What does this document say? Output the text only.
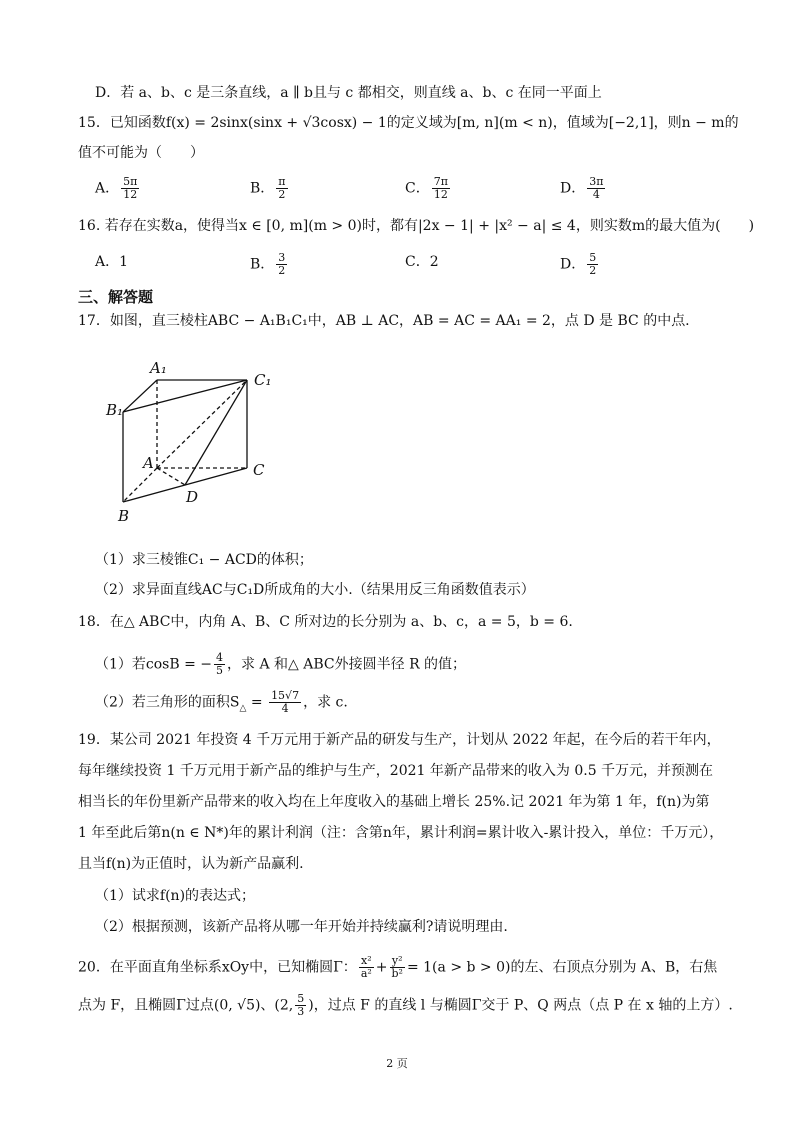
D．若 a、b、c 是三条直线，a ∥ b且与 c 都相交，则直线 a、b、c 在同一平面上
15．已知函数f(x) = 2sinx(sinx + √3cosx) − 1的定义域为[m, n](m < n)，值域为[−2,1]，则n − m的
值不可能为（　　）
A． $\frac{5\pi}{12}$	B． $\frac{\pi}{2}$	C． $\frac{7\pi}{12}$	D． $\frac{3\pi}{4}$
16. 若存在实数a，使得当x ∈ [0, m](m > 0)时，都有|2x − 1| + |x² − a| ≤ 4，则实数m的最大值为(　　)
A．1	B． $\frac{3}{2}$	C．2	D． $\frac{5}{2}$
三、解答题
17．如图，直三棱柱ABC − A₁B₁C₁中，AB ⊥ AC，AB = AC = AA₁ = 2，点 D 是 BC 的中点.
A₁
C₁
B₁
A	C
D
B
（1）求三棱锥C₁ − ACD的体积；
（2）求异面直线AC与C₁D所成角的大小.（结果用反三角函数值表示）
18．在△ ABC中，内角 A、B、C 所对边的长分别为 a、b、c，a = 5，b = 6.
（1）若cosB = − $\frac{4}{5}$ ，求 A 和△ ABC外接圆半径 R 的值；
（2）若三角形的面积$S_\triangle = \frac{15√7}{4}$ ，求 c.
19．某公司 2021 年投资 4 千万元用于新产品的研发与生产，计划从 2022 年起，在今后的若干年内，
每年继续投资 1 千万元用于新产品的维护与生产，2021 年新产品带来的收入为 0.5 千万元，并预测在
相当长的年份里新产品带来的收入均在上年度收入的基础上增长 25%.记 2021 年为第 1 年，f(n)为第
1 年至此后第n(n ∈ N*)年的累计利润（注：含第n年，累计利润=累计收入-累计投入，单位：千万元），
且当f(n)为正值时，认为新产品赢利.
（1）试求f(n)的表达式；
（2）根据预测，该新产品将从哪一年开始并持续赢利?请说明理由.
20．在平面直角坐标系xOy中，已知椭圆Γ： $\frac{\text{x²}}{\text{a²}} + \frac{\text{y²}}{\text{b²}} = 1(a > b > 0)$的左、右顶点分别为 A、B，右焦
点为 F，且椭圆Γ过点(0, √5)、(2, $\frac{5}{3}$ )，过点 F 的直线 l 与椭圆Γ交于 P、Q 两点（点 P 在 x 轴的上方）.
2 页
